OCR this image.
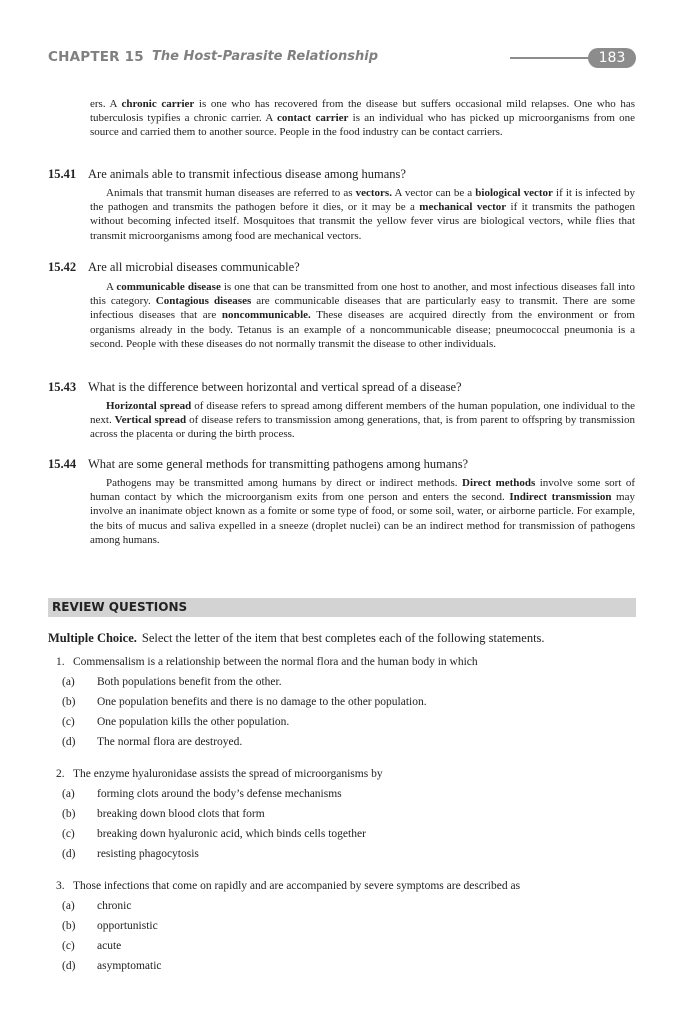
CHAPTER 15 The Host-Parasite Relationship	183
ers. A chronic carrier is one who has recovered from the disease but suffers occasional mild relapses. One who has tuberculosis typifies a chronic carrier. A contact carrier is an individual who has picked up microorganisms from one source and carried them to another source. People in the food industry can be contact carriers.
15.41 Are animals able to transmit infectious disease among humans?
Animals that transmit human diseases are referred to as vectors. A vector can be a biological vector if it is infected by the pathogen and transmits the pathogen before it dies, or it may be a mechanical vector if it transmits the pathogen without becoming infected itself. Mosquitoes that transmit the yellow fever virus are biological vectors, while flies that transmit microorganisms among food are mechanical vectors.
15.42 Are all microbial diseases communicable?
A communicable disease is one that can be transmitted from one host to another, and most infectious diseases fall into this category. Contagious diseases are communicable diseases that are particularly easy to transmit. There are some infectious diseases that are noncommunicable. These diseases are acquired directly from the environment or from organisms already in the body. Tetanus is an example of a noncommunicable disease; pneumococcal pneumonia is a second. People with these diseases do not normally transmit the disease to other individuals.
15.43 What is the difference between horizontal and vertical spread of a disease?
Horizontal spread of disease refers to spread among different members of the human population, one individual to the next. Vertical spread of disease refers to transmission among generations, that, is from parent to offspring by transmission across the placenta or during the birth process.
15.44 What are some general methods for transmitting pathogens among humans?
Pathogens may be transmitted among humans by direct or indirect methods. Direct methods involve some sort of human contact by which the microorganism exits from one person and enters the second. Indirect transmission may involve an inanimate object known as a fomite or some type of food, or some soil, water, or airborne particle. For example, the bits of mucus and saliva expelled in a sneeze (droplet nuclei) can be an indirect method for transmission of pathogens among humans.
REVIEW QUESTIONS
Multiple Choice. Select the letter of the item that best completes each of the following statements.
1. Commensalism is a relationship between the normal flora and the human body in which
(a) Both populations benefit from the other.
(b) One population benefits and there is no damage to the other population.
(c) One population kills the other population.
(d) The normal flora are destroyed.
2. The enzyme hyaluronidase assists the spread of microorganisms by
(a) forming clots around the body’s defense mechanisms
(b) breaking down blood clots that form
(c) breaking down hyaluronic acid, which binds cells together
(d) resisting phagocytosis
3. Those infections that come on rapidly and are accompanied by severe symptoms are described as
(a) chronic
(b) opportunistic
(c) acute
(d) asymptomatic
